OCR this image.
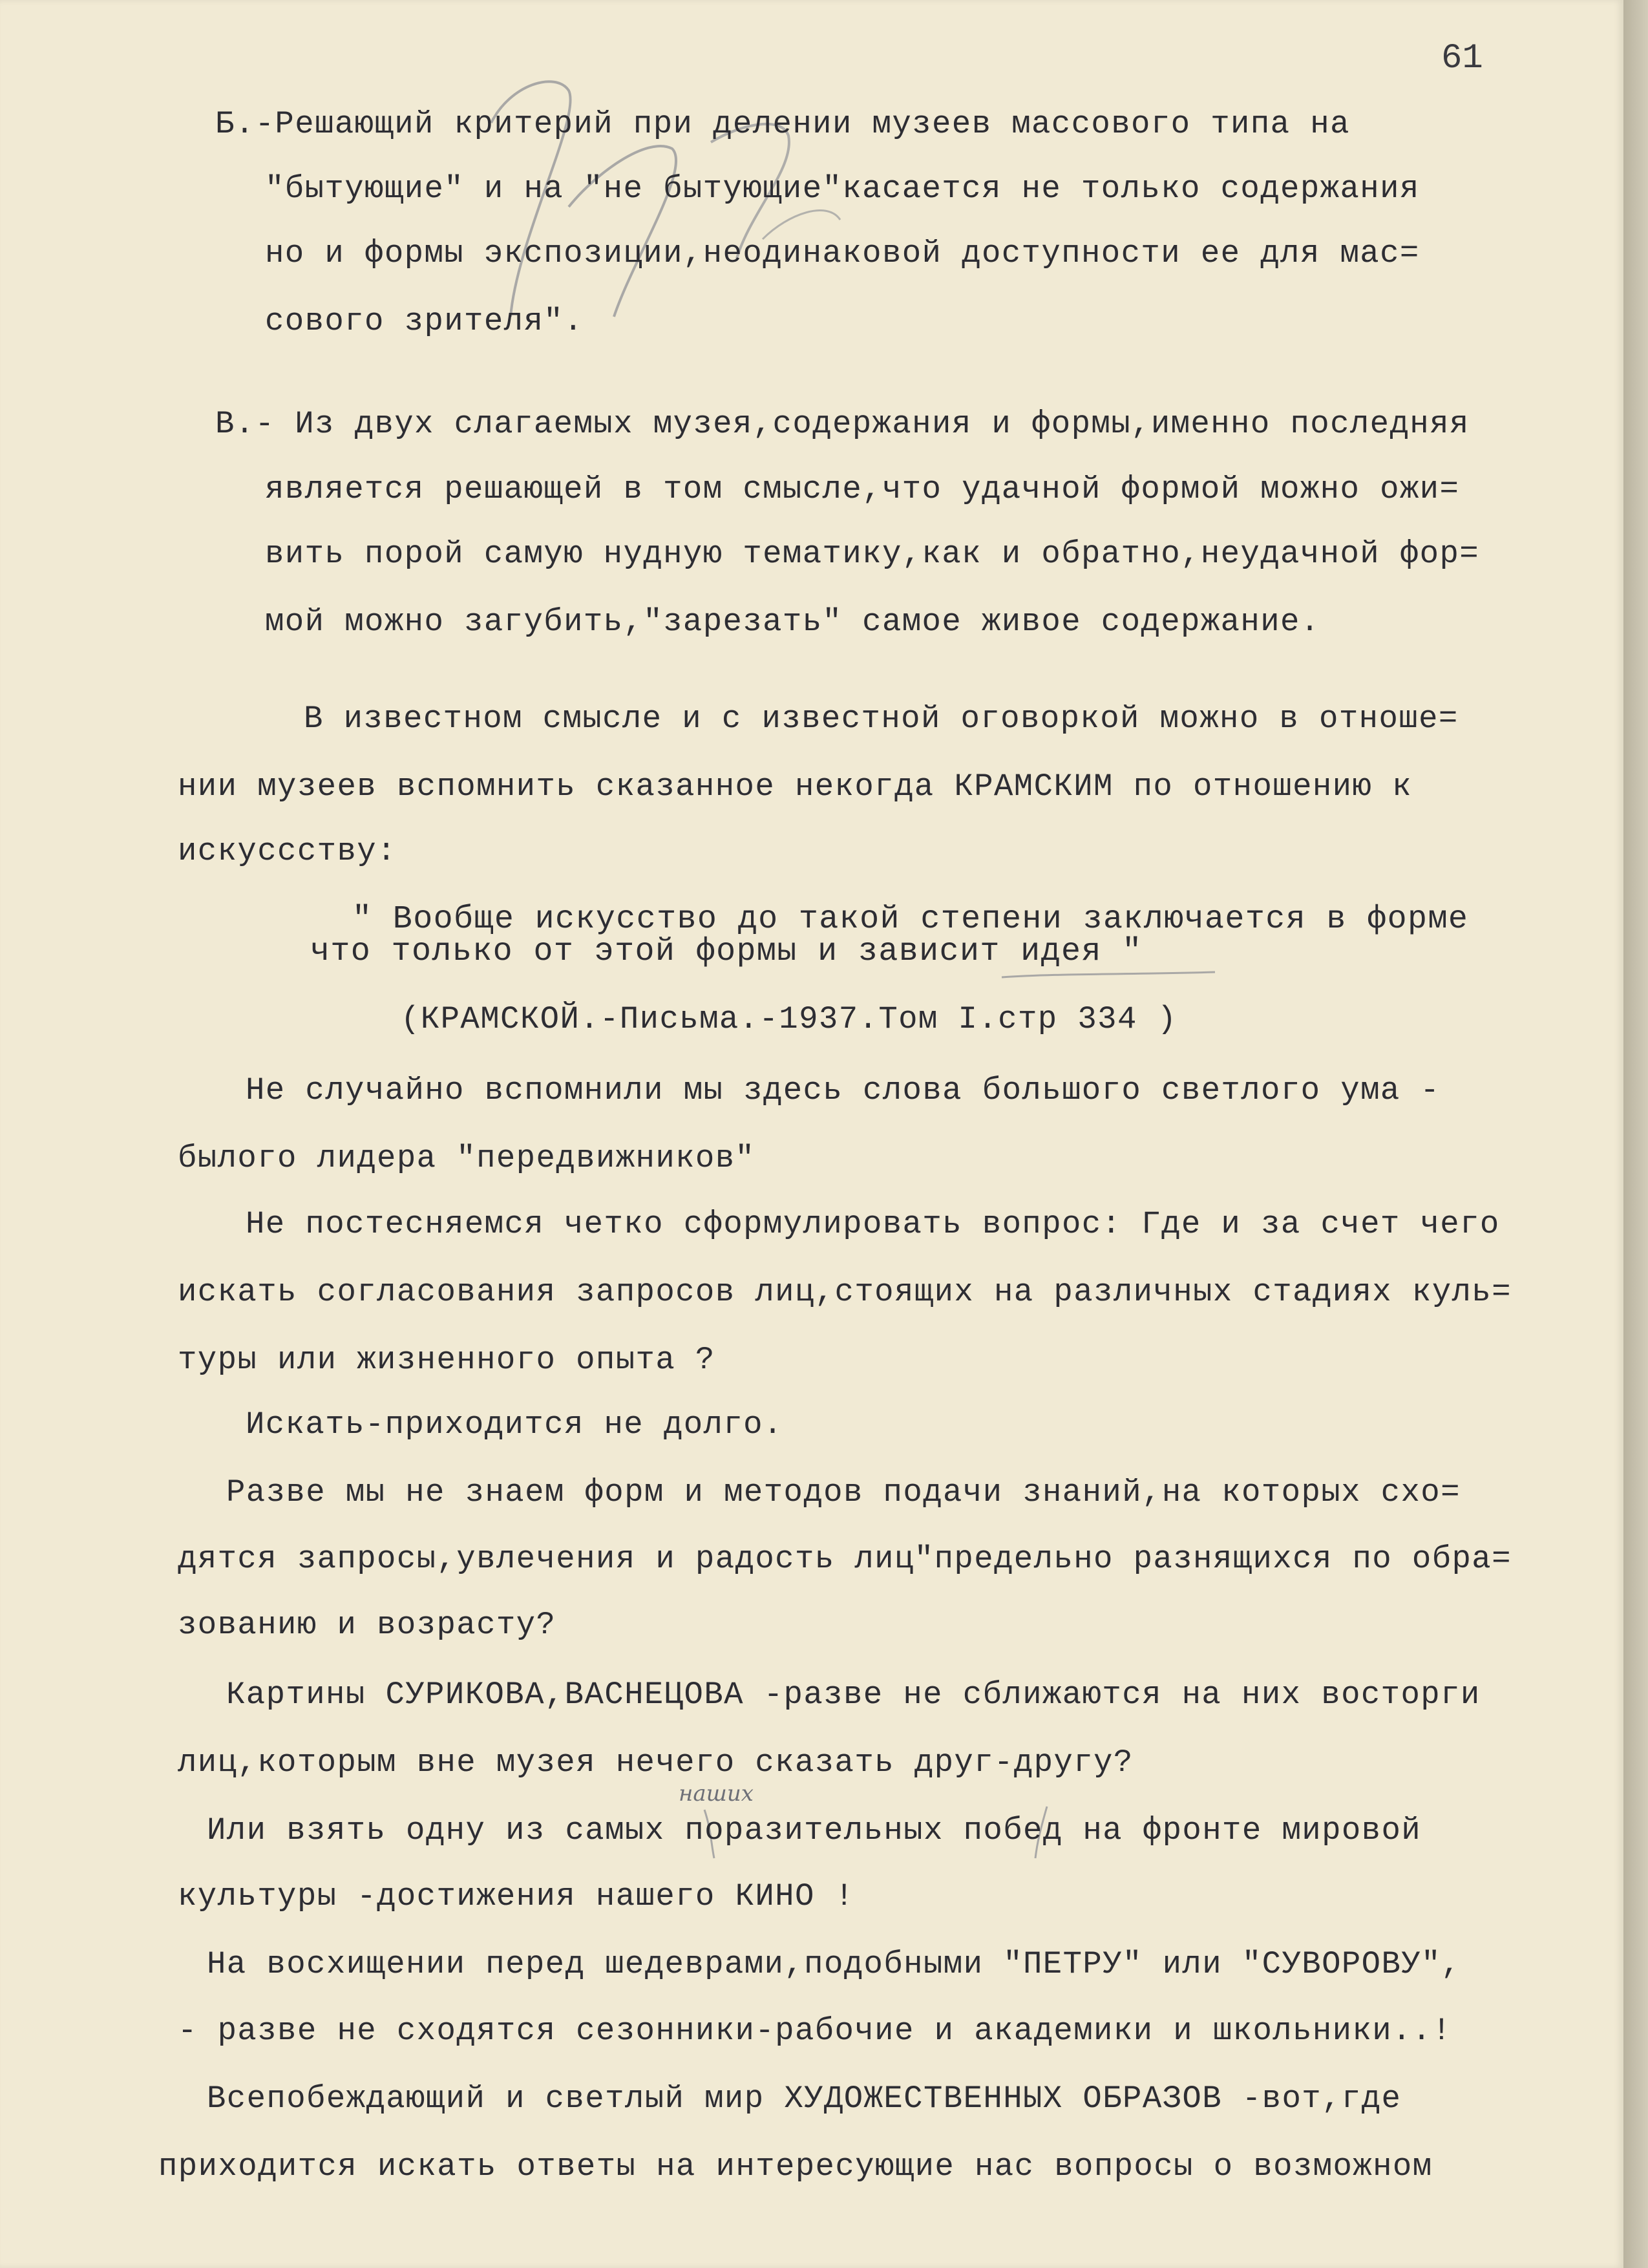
61
Б.-Решающий критерий при делении музеев массового типа на
"бытующие" и на "не бытующие"касается не только содержания
но и формы экспозиции,неодинаковой доступности ее для мас=
сового зрителя".
В.- Из двух слагаемых музея,содержания и формы,именно последняя
является решающей в том смысле,что удачной формой можно ожи=
вить порой самую нудную тематику,как и обратно,неудачной фор=
мой можно загубить,"зарезать" самое живое содержание.
В известном смысле и с известной оговоркой можно в отноше=
нии музеев вспомнить сказанное некогда КРАМСКИМ по отношению к
искуссству:
" Вообще искусство до такой степени заключается в форме
что только от этой формы и зависит идея "
(КРАМСКОЙ.-Письма.-1937.Том I.стр 334 )
Не случайно вспомнили мы здесь слова большого светлого ума -
былого лидера "передвижников"
Не постесняемся четко сформулировать вопрос: Где и за счет чего
искать согласования запросов лиц,стоящих на различных стадиях куль=
туры или жизненного опыта ?
Искать-приходится не долго.
Разве мы не знаем форм и методов подачи знаний,на которых схо=
дятся запросы,увлечения и радость лиц"предельно разнящихся по обра=
зованию и возрасту?
Картины СУРИКОВА,ВАСНЕЦОВА -разве не сближаются на них восторги
лиц,которым вне музея нечего сказать друг-другу?
наших
Или взять одну из самых поразительных побед на фронте мировой
культуры -достижения нашего КИНО !
На восхищении перед шедеврами,подобными "ПЕТРУ" или "СУВОРОВУ",
- разве не сходятся сезонники-рабочие и академики и школьники..!
Всепобеждающий и светлый мир ХУДОЖЕСТВЕННЫХ ОБРАЗОВ -вот,где
приходится искать ответы на интересующие нас вопросы о возможном
